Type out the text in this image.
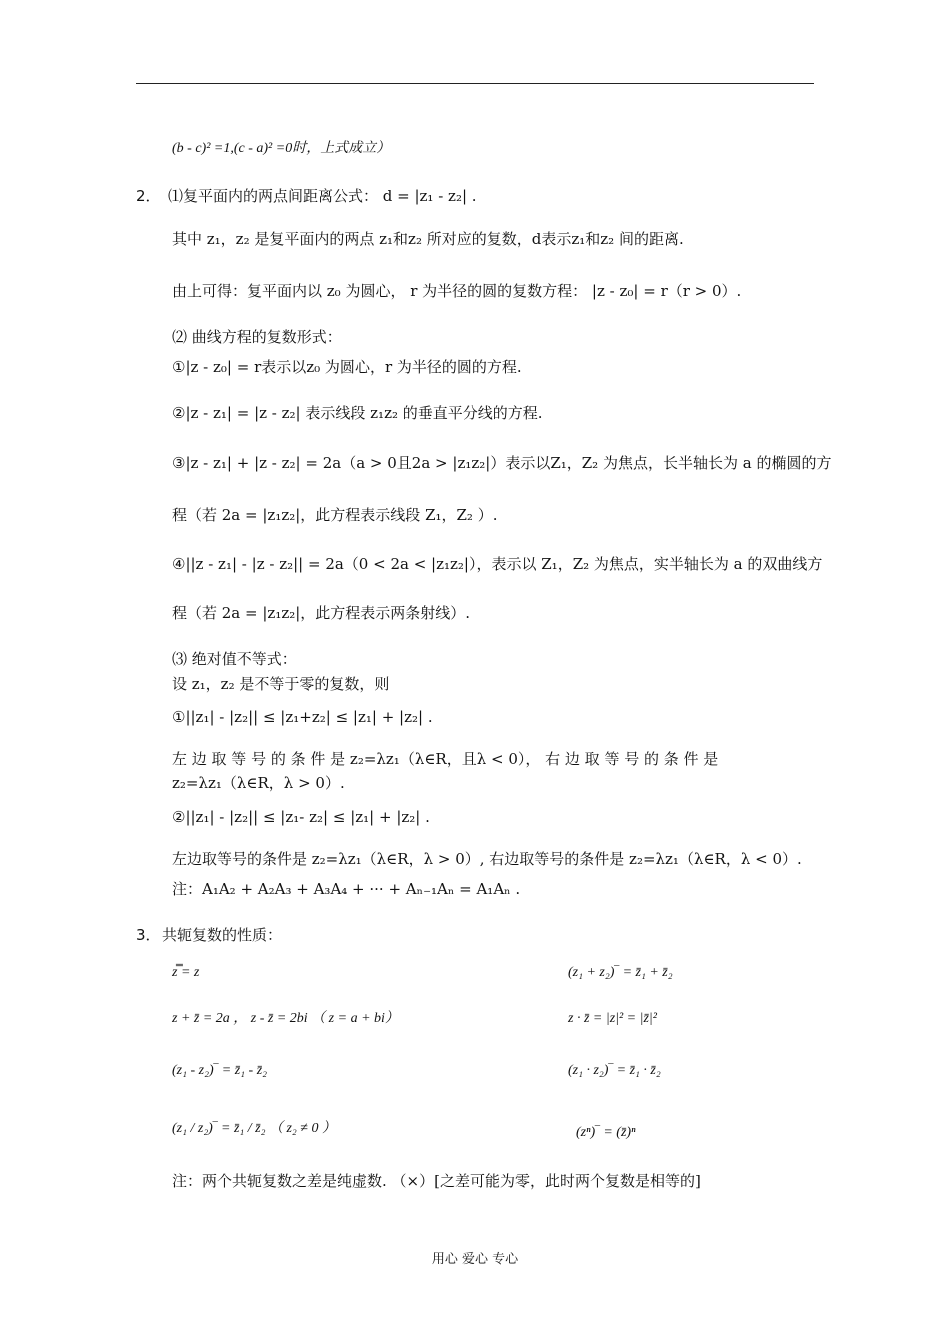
(b - c)² =1,(c - a)² =0时，上式成立）
2． ⑴复平面内的两点间距离公式： d = |z₁ - z₂| .
其中 z₁，z₂ 是复平面内的两点 z₁和z₂ 所对应的复数，d表示z₁和z₂ 间的距离.
由上可得：复平面内以 z₀ 为圆心， r 为半径的圆的复数方程： |z - z₀| = r（r > 0）.
⑵ 曲线方程的复数形式：
①|z - z₀| = r表示以z₀ 为圆心，r 为半径的圆的方程.
②|z - z₁| = |z - z₂| 表示线段 z₁z₂ 的垂直平分线的方程.
③|z - z₁| + |z - z₂| = 2a（a > 0且2a > |z₁z₂|）表示以Z₁，Z₂ 为焦点，长半轴长为 a 的椭圆的方
程（若 2a = |z₁z₂|，此方程表示线段 Z₁，Z₂ ）.
④||z - z₁| - |z - z₂|| = 2a（0 < 2a < |z₁z₂|），表示以 Z₁，Z₂ 为焦点，实半轴长为 a 的双曲线方
程（若 2a = |z₁z₂|，此方程表示两条射线）.
⑶ 绝对值不等式：
设 z₁，z₂ 是不等于零的复数，则
①||z₁| - |z₂|| ≤ |z₁+z₂| ≤ |z₁| + |z₂| .
左 边 取 等 号 的 条 件 是 z₂=λz₁（λ∈R，且λ < 0）， 右 边 取 等 号 的 条 件 是
z₂=λz₁（λ∈R，λ > 0）.
②||z₁| - |z₂|| ≤ |z₁- z₂| ≤ |z₁| + |z₂| .
左边取等号的条件是 z₂=λz₁（λ∈R，λ > 0）, 右边取等号的条件是 z₂=λz₁（λ∈R，λ < 0）.
注：A₁A₂ + A₂A₃ + A₃A₄ + ··· + Aₙ₋₁Aₙ = A₁Aₙ .
3． 共轭复数的性质：
z̿ = z	(z₁ + z₂)‾ = z̄₁ + z̄₂
z + z̄ = 2a ， z - z̄ = 2bi （ z = a + bi）	z · z̄ = |z|² = |z̄|²
(z₁ - z₂)‾ = z̄₁ - z̄₂	(z₁ · z₂)‾ = z̄₁ · z̄₂
(z₁ / z₂)‾ = z̄₁ / z̄₂ （ z₂ ≠ 0 ）	(zⁿ)‾ = (z̄)ⁿ
注：两个共轭复数之差是纯虚数. （×）[之差可能为零，此时两个复数是相等的]
用心 爱心 专心
